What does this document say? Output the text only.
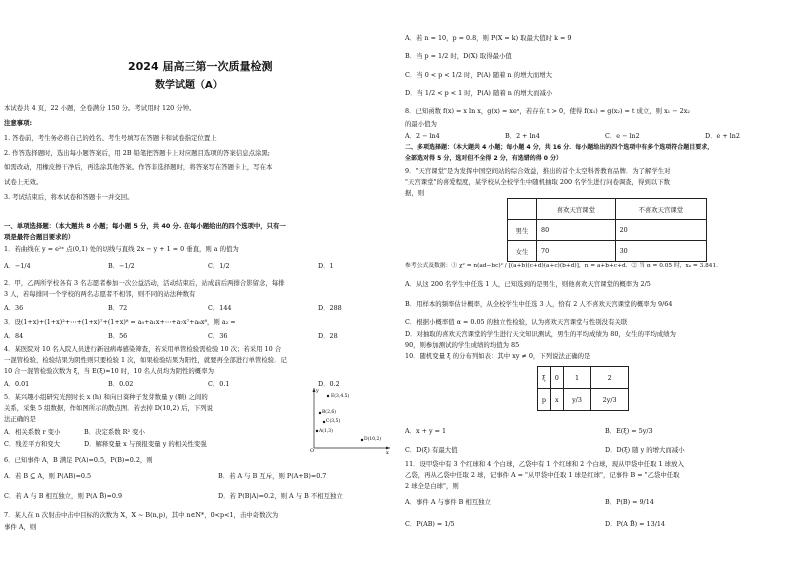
2024 届高三第一次质量检测
数学试题（A）
本试卷共 4 页，22 小题，全卷满分 150 分。考试用时 120 分钟。
注意事项:
1. 答卷前，考生务必将自己的姓名、考生号填写在答题卡和试卷指定位置上
2. 作答选择题时，选出每小题答案后，用 2B 铅笔把答题卡上对应题目选项的答案信息点涂黑;
如需改动，用橡皮擦干净后，再选涂其他答案。作答非选择题时，将答案写在答题卡上，写在本
试卷上无效。
3. 考试结束后，将本试卷和答题卡一并交回。
一、单项选择题：（本大题共 8 小题；每小题 5 分，共 40 分. 在每小题给出的四个选项中，只有一
项是最符合题目要求的）
1．若曲线在 y = e²ˣ 点(0,1) 处的切线与直线 2x − y + 1 = 0 垂直，则 a 的值为
A．−1/4	B．−1/2	C．1/2	D．1
2．甲，乙两所学校各有 3 名志愿者参加一次公益活动，活动结束后，站成前后两排合影留念，每排
3 人，若每排同一个学校的两名志愿者不相邻，则不同的站法种数有
A．36	B．72	C．144	D．288
3．设(1+x)+(1+x)²+⋯+(1+x)⁷+(1+x)⁸ = a₀+a₁x+⋯+a₇x⁷+a₈x⁸，则 a₂ =
A．84	B．56	C．36	D．28
4．某医院对 10 名入院人员进行新冠病毒感染筛查，若采用单管检验需检验 10 次；若采用 10 合
一混管检验，检验结果为阴性则只要检验 1 次，如果检验结果为阳性，就要再全部进行单管检验．记
10 合一混管检验次数为 ξ，当 E(ξ)=10 时，10 名人员均为阴性的概率为
A．0.01	B．0.02	C．0.1	D．0.2
5．某兴趣小组研究光照时长 x (h) 和向日葵种子发芽数量 y (颗) 之间的
关系，采集 5 组数据，作如图所示的散点图．若去掉 D(10,2) 后，下列说
法正确的是
A．相关系数 r 变小	B．决定系数 R² 变小
C．残差平方和变大	D．解释变量 x 与预报变量 y 的相关性变强
O	x
y
E(3,4.5)
B(2,6)
C(3,5)
A(1,3)
D(10,2)
6．已知事件 A，B 满足 P(A)=0.5，P(B)=0.2，则
A．若 B ⊆ A，则 P(AB)=0.5	B．若 A 与 B 互斥，则 P(A+B)=0.7
C．若 A 与 B 相互独立，则 P(A B̄)=0.9	D．若 P(B|A)=0.2，则 A 与 B 不相互独立
7．某人在 n 次射击中击中目标的次数为 X，X ~ B(n,p)，其中 n∈N*，0<p<1，击中奇数次为
事件 A，则
A．若 n = 10，p = 0.8，则 P(X = k) 取最大值时 k = 9
B．当 p = 1/2 时，D(X) 取得最小值
C．当 0 < p < 1/2 时，P(A) 随着 n 的增大而增大
D．当 1/2 < p < 1 时，P(A) 随着 n 的增大而减小
8．已知函数 f(x) = x ln x，g(x) = xeˣ，若存在 t > 0，使得 f(x₁) = g(x₂) = t 成立，则 x₁ − 2x₂
的最小值为
A．2 − ln4	B．2 + ln4	C．e − ln2	D．e + ln2
二、多项选择题：（本大题共 4 小题；每小题 4 分，共 16 分．每小题给出的四个选项中有多个选项符合题目要求，
全部选对得 5 分，选对但不全得 2 分，有选错的得 0 分）
9．"天宫课堂"是为发挥中国空间站的综合效益，推出的首个太空科普教育品牌．为了解学生对
"天宫课堂"的喜爱程度，某学校从全校学生中随机抽取 200 名学生进行问卷调查，得到以下数
据，则
	喜欢天宫课堂	不喜欢天宫课堂
男生	80	20
女生	70	30
参考公式及数据：① χ² = n(ad−bc)² / [(a+b)(c+d)(a+c)(b+d)]，n = a+b+c+d．② 当 α = 0.05 时，xₐ = 3.841．
A．从这 200 名学生中任选 1 人，已知选到的是男生，则他喜欢天宫课堂的概率为 2/5
B．用样本的频率估计概率，从全校学生中任选 3 人，恰有 2 人不喜欢天宫课堂的概率为 9/64
C．根据小概率值 α = 0.05 的独立性检验，认为喜欢天宫课堂与性别没有关联
D．对抽取的喜欢天宫课堂的学生进行天文知识测试，男生的平均成绩为 80，女生的平均成绩为
90，则参加测试的学生成绩的均值为 85
10．随机变量 ξ 的分布列如表：其中 xy ≠ 0，下列说法正确的是
ξ	0	1	2
p	x	y/3	2y/3
A．x + y = 1	B．E(ξ) = 5y/3
C．D(ξ) 有最大值	D．D(ξ) 随 y 的增大而减小
11．设甲袋中有 3 个红球和 4 个白球，乙袋中有 1 个红球和 2 个白球，现从甲袋中任取 1 球放入
乙袋，再从乙袋中任取 2 球，记事件 A = "从甲袋中任取 1 球是红球"，记事件 B = "乙袋中任取
2 球全是白球"，则
A．事件 A 与事件 B 相互独立	B．P(B) = 9/14
C．P(AB) = 1/5	D．P(A B̄) = 13/14
